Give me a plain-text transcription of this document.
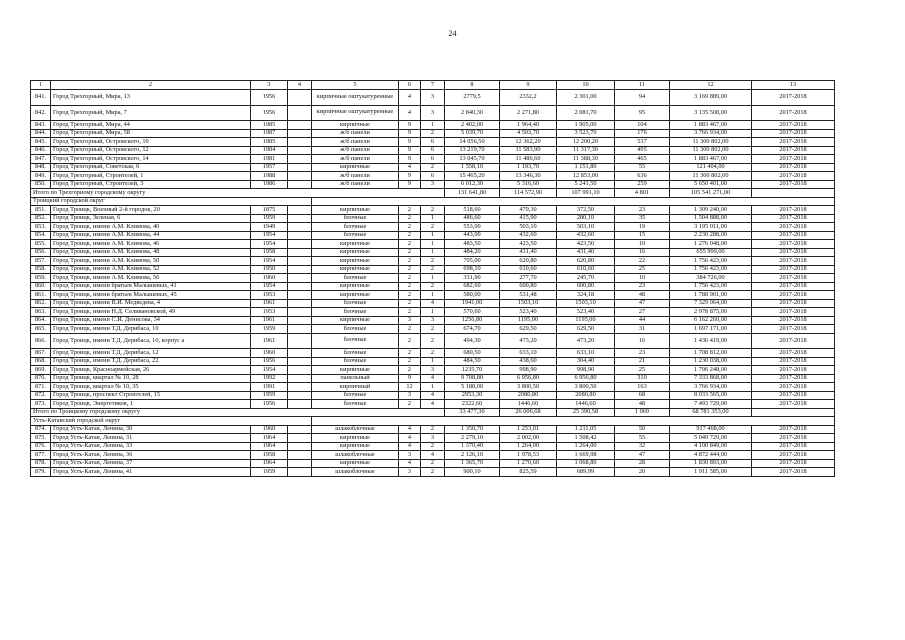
24
1	2	3	4	5	6	7	8	9	10	11	12	13
841.	Город Трехгорный, Мира, 13	1956		кирпичные оштукатуренные	4	3	2779,5	2332,2	2 301,00	94	3 169 889,00	2017-2018
842.	Город Трехгорный, Мира, 7	1956		кирпичные оштукатуренные	4	3	2 840,30	2 271,80	2 081,70	95	3 135 508,00	2017-2018
843.	Город Трехгорный, Мира, 44	1985		кирпичные	9	1	2 402,00	1 964,40	1 905,00	104	1 883 467,00	2017-2018
844.	Город Трехгорный, Мира, 58	1987		ж/б панели	9	2	5 039,70	4 503,70	3 523,70	176	3 766 934,00	2017-2018
845.	Город Трехгорный, Островского, 10	1985		ж/б панели	9	6	14 056,50	12 362,20	12 200,20	537	11 300 802,00	2017-2018
846.	Город Трехгорный, Островского, 12	1984		ж/б панели	9	6	13 219,70	11 583,90	11 317,30	495	11 300 802,00	2017-2018
847.	Город Трехгорный, Островского, 14	1981		ж/б панели	9	6	13 045,70	11 486,60	11 388,30	465	1 883 467,00	2017-2018
848.	Город Трехгорный, Советская, 6	1957		кирпичные	4	2	1 558,10	1 193,70	1 151,80	55	121 404,00	2017-2018
849.	Город Трехгорный, Строителей, 1	1988		ж/б панели	9	6	15 465,20	13 346,30	12 853,00	636	11 300 802,00	2017-2018
850.	Город Трехгорный, Строителей, 3	1986		ж/б панели	9	3	6 012,30	5 316,60	5 241,50	259	5 650 401,00	2017-2018
Итого по Трехгорному городскому округу							131 641,80	114 572,90	107 991,10	4 801	105 541 271,00	
Троицкий городской округ												
851.	Город Троицк, Военный 2-й городок, 20	1875		кирпичные	2	2	518,60	479,30	372,50	23	1 309 240,00	2017-2018
852.	Город Троицк, Зеленая, 6	1959		блочные	2	1	486,60	415,90	280,10	35	1 504 888,00	2017-2018
853.	Город Троицк, имени А.М. Климова, 40	1949		блочные	2	2	553,00	503,10	503,10	19	3 195 011,00	2017-2018
854.	Город Троицк, имени А.М. Климова, 44	1954		блочные	2	1	443,00	432,60	432,60	15	2 230 288,00	2017-2018
855.	Город Троицк, имени А.М. Климова, 46	1954		кирпичные	2	1	483,50	423,50	423,50	10	1 276 048,00	2017-2018
856.	Город Троицк, имени А.М. Климова, 48	1958		кирпичные	2	1	484,20	431,40	431,40	16	655 999,00	2017-2018
857.	Город Троицк, имени А.М. Климова, 50	1954		кирпичные	2	2	705,00	620,80	620,80	22	1 756 423,00	2017-2018
858.	Город Троицк, имени А.М. Климова, 52	1950		кирпичные	2	2	698,10	610,60	610,60	25	1 756 423,00	2017-2018
859.	Город Троицк, имени А.М. Климова, 56	1960		блочные	2	1	331,90	277,70	245,70	10	384 726,00	2017-2018
860.	Город Троицк, имени братьев Малышевых, 41	1954		кирпичные	2	2	682,60	600,80	600,80	23	1 756 423,00	2017-2018
861.	Город Троицк, имени братьев Малышевых, 45	1953		кирпичные	2	1	580,00	531,48	324,18	48	1 788 901,00	2017-2018
862.	Город Троицк, имени В.И. Медведева, 4	1961		блочные	2	4	1941,00	1503,10	1503,10	47	7 329 064,00	2017-2018
863.	Город Троицк, имени Н.Д. Селивановской, 49	1953		блочные	2	1	570,60	523,40	523,40	27	2 978 875,00	2017-2018
864.	Город Троицк, имени С.И. Денисова, 34	1961		кирпичные	3	3	1256,80	1195,00	1195,00	44	6 162 260,00	2017-2018
865.	Город Троицк, имени Т.Д. Дерибаса, 10	1959		блочные	2	2	674,70	629,50	629,50	31	1 697 171,00	2017-2018
866.	Город Троицк, имени Т.Д. Дерибаса, 10, корпус а	1961		блочные	2	2	494,30	473,20	473,20	16	1 436 419,00	2017-2018
867.	Город Троицк, имени Т.Д. Дерибаса, 12	1960		блочные	2	2	680,50	633,10	633,10	23	1 708 812,00	2017-2018
868.	Город Троицк, имени Т.Д. Дерибаса, 22	1956		блочные	2	1	484,50	438,60	304,40	21	1 230 038,00	2017-2018
869.	Город Троицк, Красноармейская, 26	1954		кирпичные	2	3	1235,70	998,90	998,90	25	1 796 248,00	2017-2018
870.	Город Троицк, квартал № 10, 28	1992		панельный	9	4	9 708,80	6 956,80	6 956,80	310	7 333 868,00	2017-2018
871.	Город Троицк, квартал № 10, 35	1991		кирпичный	12	1	5 188,00	3 800,50	3 800,50	163	3 766 934,00	2017-2018
872.	Город Троицк, проспект Строителей, 15	1959		блочные	3	4	2953,30	2080,80	2080,80	68	8 033 565,00	2017-2018
873.	Город Троицк, Энергетиков, 1	1956		блочные	2	4	2322,60	1446,60	1446,60	48	7 493 729,00	2017-2018
Итого по Троицкому городскому округу							33 477,30	26 006,68	25 390,58	1 069	68 781 353,00	
Усть-Катавский городской округ												
874.	Город Усть-Катав, Ленина, 30	1960		шлакоблочные	4	2	1 350,70	1 253,01	1 211,05	50	917 468,00	2017-2018
875.	Город Усть-Катав, Ленина, 31	1964		кирпичные	4	3	2 279,10	2 002,00	1 508,42	55	5 049 729,00	2017-2018
876.	Город Усть-Катав, Ленина, 33	1964		кирпичные	4	2	1 370,40	1 264,00	1 264,00	32	4 100 849,00	2017-2018
877.	Город Усть-Катав, Ленина, 36	1958		шлакоблочные	3	4	2 126,10	1 978,53	1 669,98	47	4 872 444,00	2017-2018
878.	Город Усть-Катав, Ленина, 37	1964		кирпичные	4	2	1 365,70	1 270,60	1 068,80	28	1 830 893,00	2017-2018
879.	Город Усть-Катав, Ленина, 41	1959		шлакоблочные	3	2	900,10	825,59	689,99	20	1 911 585,00	2017-2018
